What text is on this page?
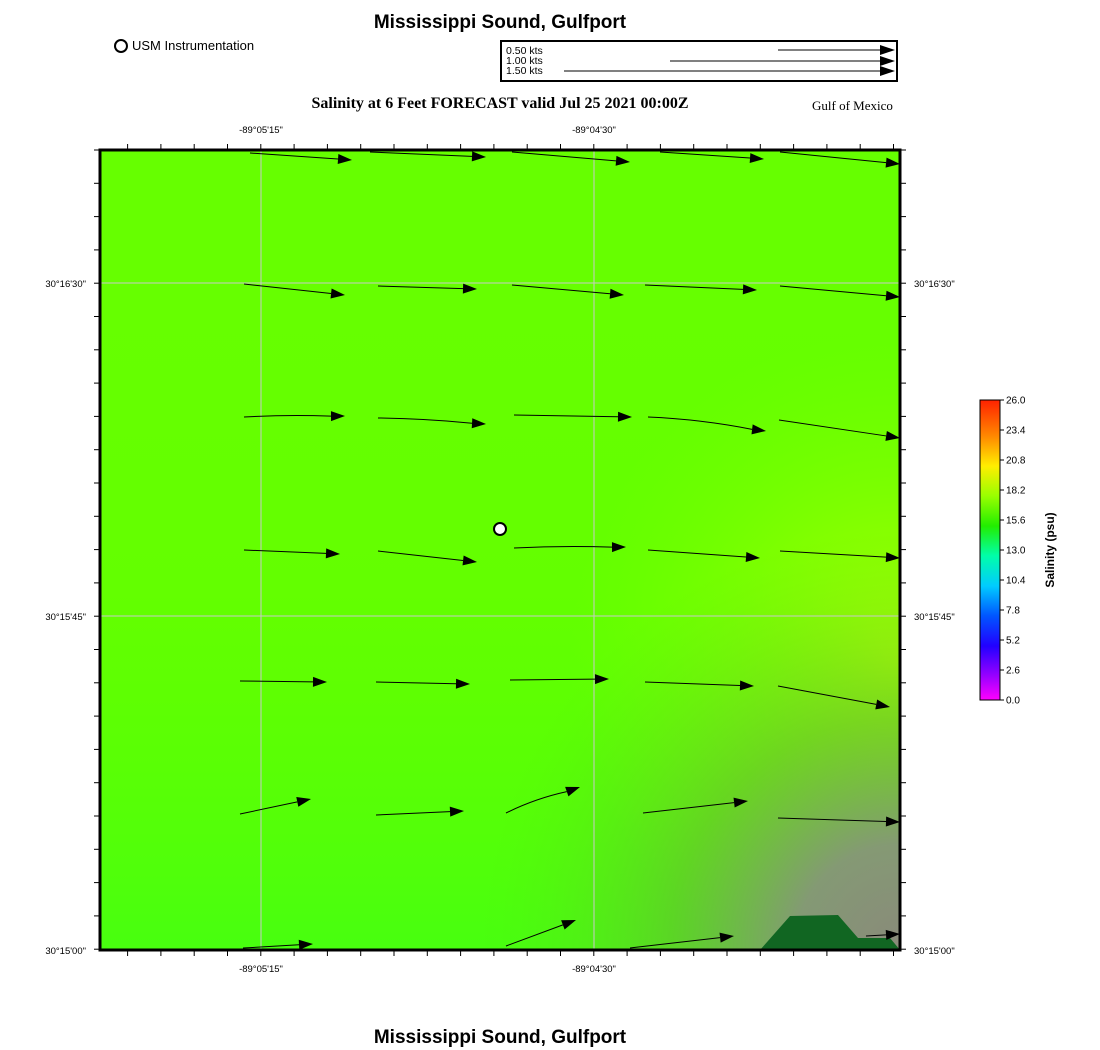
Mississippi Sound, Gulfport
USM Instrumentation	0.50 kts
1.00 kts
1.50 kts
Salinity at 6 Feet FORECAST valid Jul 25 2021 00:00Z	Gulf of Mexico
-89°05'15"	-89°04'30"
-89°05'15"	-89°04'30"
30°16'30"
30°15'45"
30°15'00"
30°16'30"
30°15'45"
30°15'00"
26.0
23.4
20.8
18.2
15.6
13.0
10.4
7.8
5.2
2.6
0.0
Salinity (psu)
Mississippi Sound, Gulfport
